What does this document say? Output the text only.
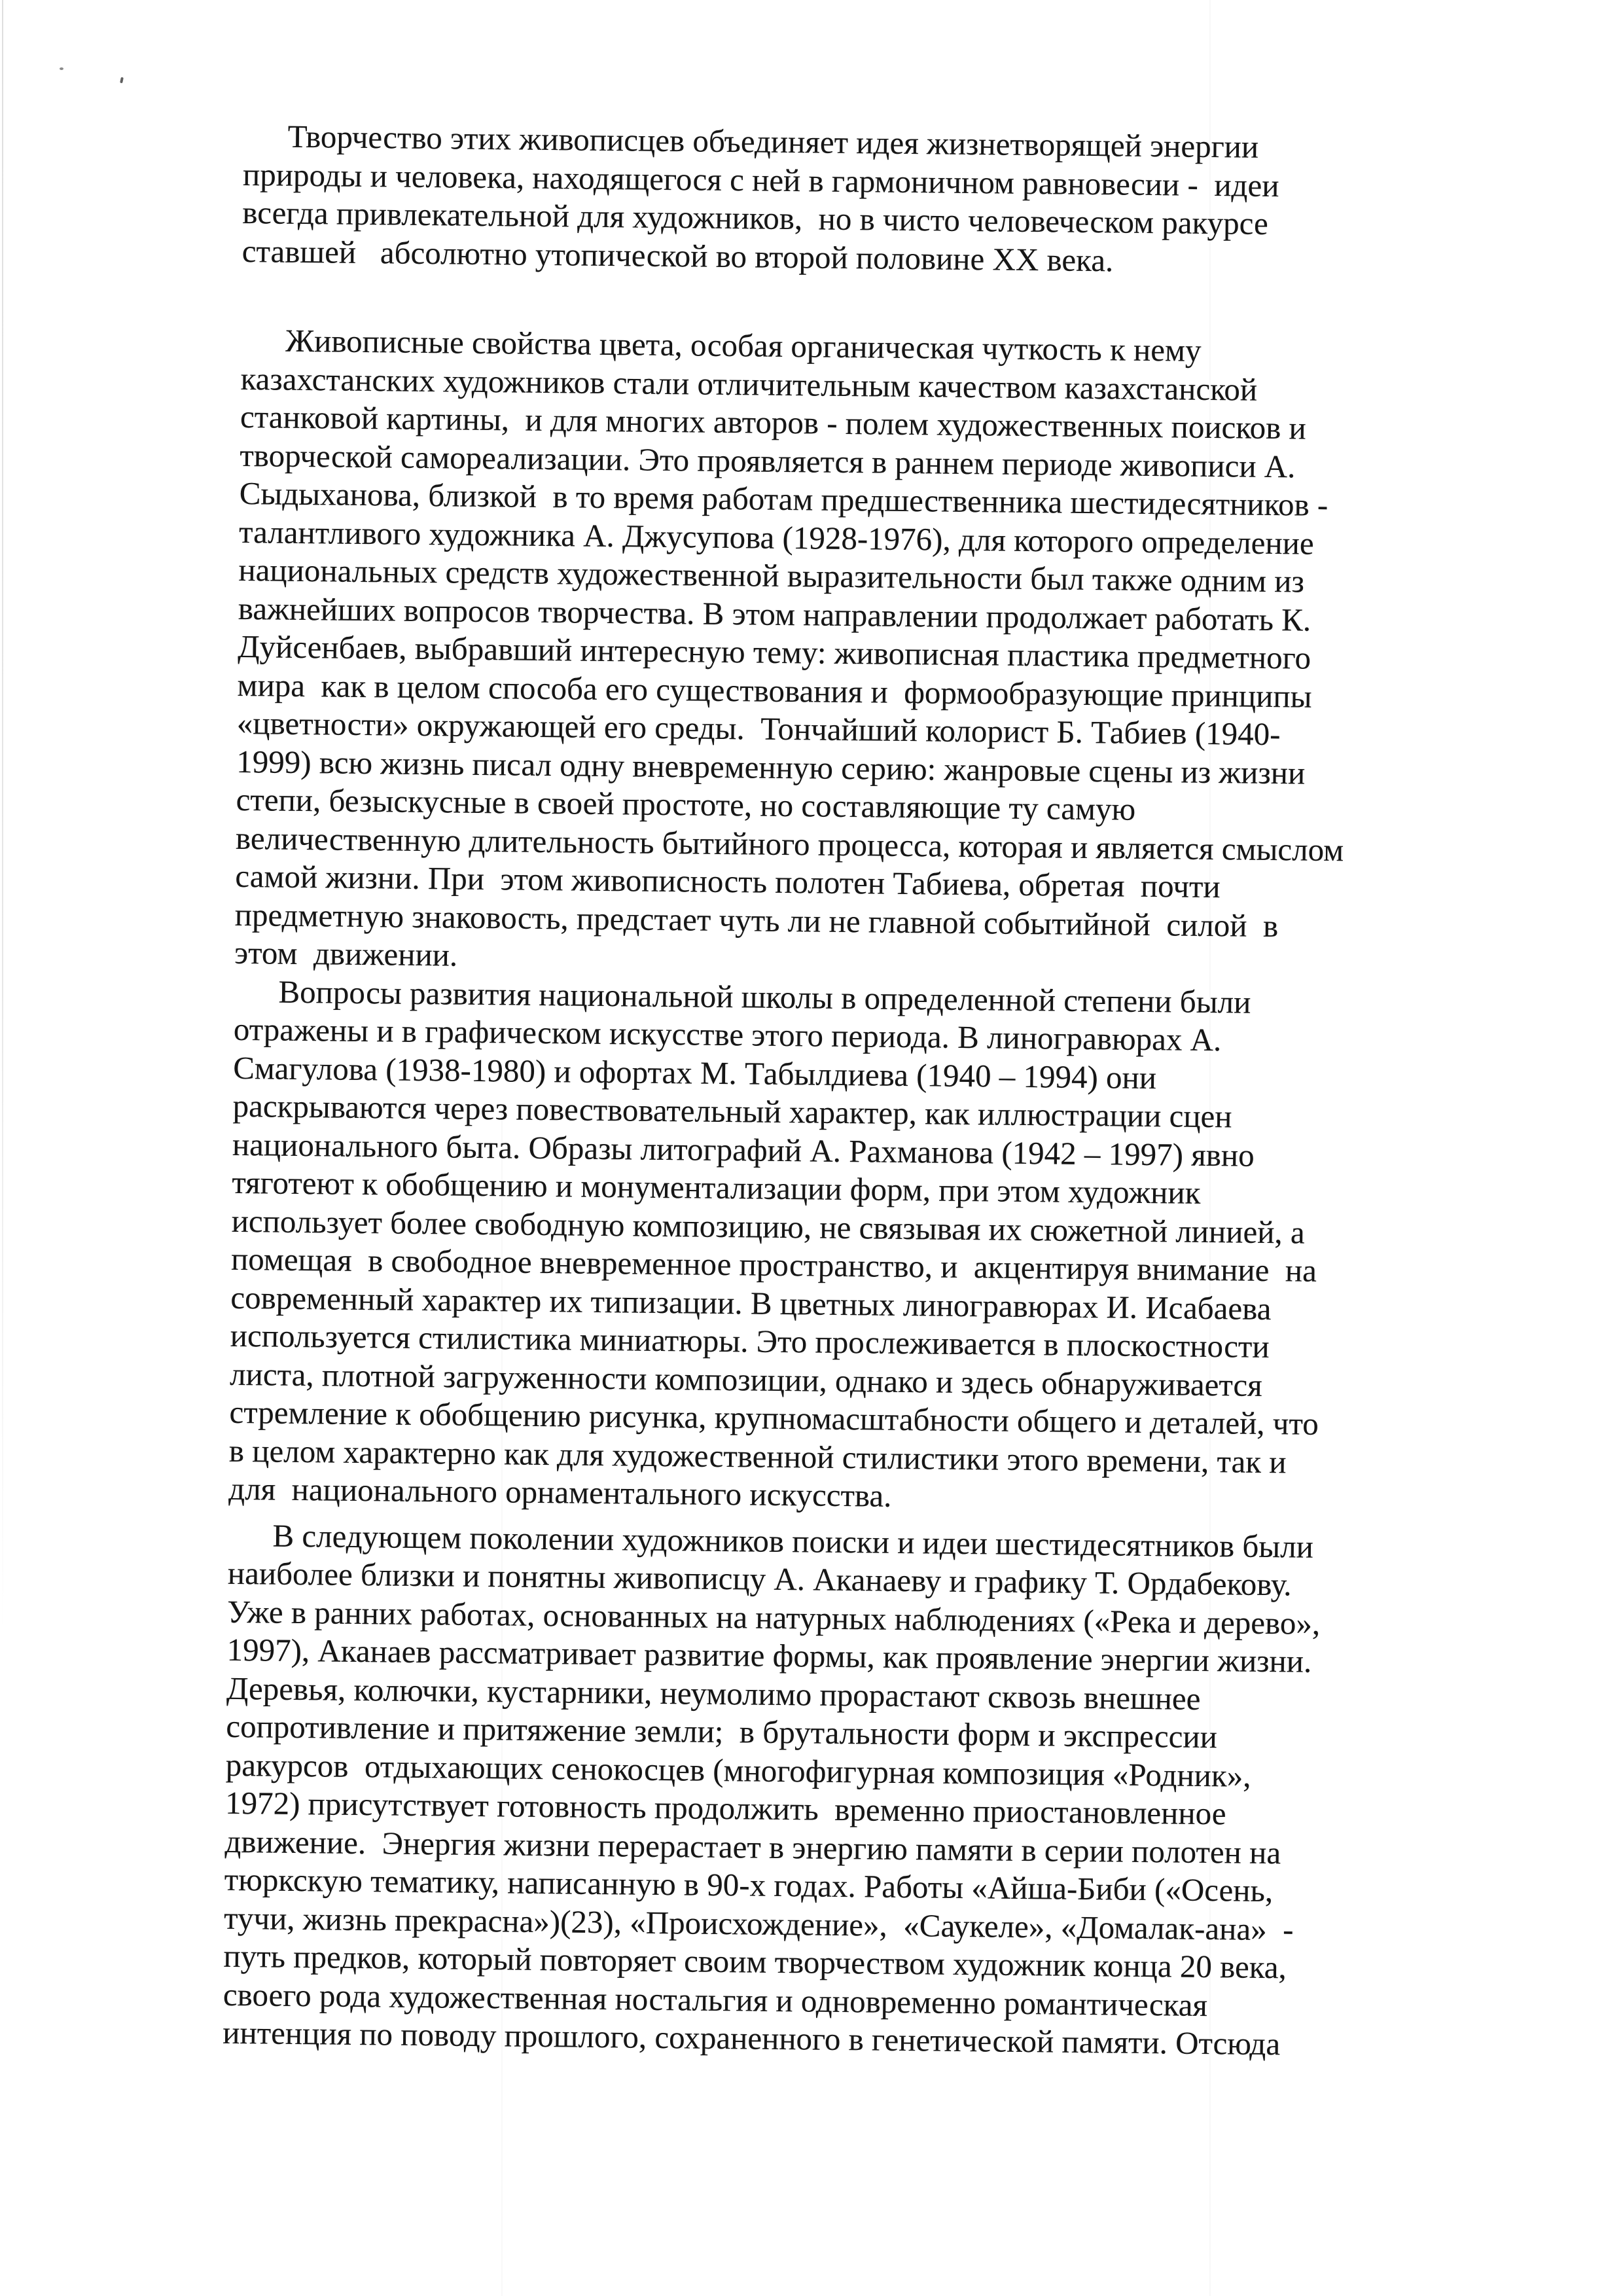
Творчество этих живописцев объединяет идея жизнетворящей энергии
природы и человека, находящегося с ней в гармоничном равновесии -  идеи
всегда привлекательной для художников,  но в чисто человеческом ракурсе
ставшей   абсолютно утопической во второй половине XX века.
Живописные свойства цвета, особая органическая чуткость к нему
казахстанских художников стали отличительным качеством казахстанской
станковой картины,  и для многих авторов - полем художественных поисков и
творческой самореализации. Это проявляется в раннем периоде живописи А.
Сыдыханова, близкой  в то время работам предшественника шестидесятников -
талантливого художника А. Джусупова (1928-1976), для которого определение
национальных средств художественной выразительности был также одним из
важнейших вопросов творчества. В этом направлении продолжает работать К.
Дуйсенбаев, выбравший интересную тему: живописная пластика предметного
мира  как в целом способа его существования и  формообразующие принципы
«цветности» окружающей его среды.  Тончайший колорист Б. Табиев (1940-
1999) всю жизнь писал одну вневременную серию: жанровые сцены из жизни
степи, безыскусные в своей простоте, но составляющие ту самую
величественную длительность бытийного процесса, которая и является смыслом
самой жизни. При  этом живописность полотен Табиева, обретая  почти
предметную знаковость, предстает чуть ли не главной событийной  силой  в
этом  движении.
Вопросы развития национальной школы в определенной степени были
отражены и в графическом искусстве этого периода. В линогравюрах А.
Смагулова (1938-1980) и офортах М. Табылдиева (1940 – 1994) они
раскрываются через повествовательный характер, как иллюстрации сцен
национального быта. Образы литографий А. Рахманова (1942 – 1997) явно
тяготеют к обобщению и монументализации форм, при этом художник
использует более свободную композицию, не связывая их сюжетной линией, а
помещая  в свободное вневременное пространство, и  акцентируя внимание  на
современный характер их типизации. В цветных линогравюрах И. Исабаева
используется стилистика миниатюры. Это прослеживается в плоскостности
листа, плотной загруженности композиции, однако и здесь обнаруживается
стремление к обобщению рисунка, крупномасштабности общего и деталей, что
в целом характерно как для художественной стилистики этого времени, так и
для  национального орнаментального искусства.
В следующем поколении художников поиски и идеи шестидесятников были
наиболее близки и понятны живописцу А. Аканаеву и графику Т. Ордабекову.
Уже в ранних работах, основанных на натурных наблюдениях («Река и дерево»,
1997), Аканаев рассматривает развитие формы, как проявление энергии жизни.
Деревья, колючки, кустарники, неумолимо прорастают сквозь внешнее
сопротивление и притяжение земли;  в брутальности форм и экспрессии
ракурсов  отдыхающих сенокосцев (многофигурная композиция «Родник»,
1972) присутствует готовность продолжить  временно приостановленное
движение.  Энергия жизни перерастает в энергию памяти в серии полотен на
тюркскую тематику, написанную в 90-х годах. Работы «Айша-Биби («Осень,
тучи, жизнь прекрасна»)(23), «Происхождение»,  «Саукеле», «Домалак-ана»  -
путь предков, который повторяет своим творчеством художник конца 20 века,
своего рода художественная ностальгия и одновременно романтическая
интенция по поводу прошлого, сохраненного в генетической памяти. Отсюда
